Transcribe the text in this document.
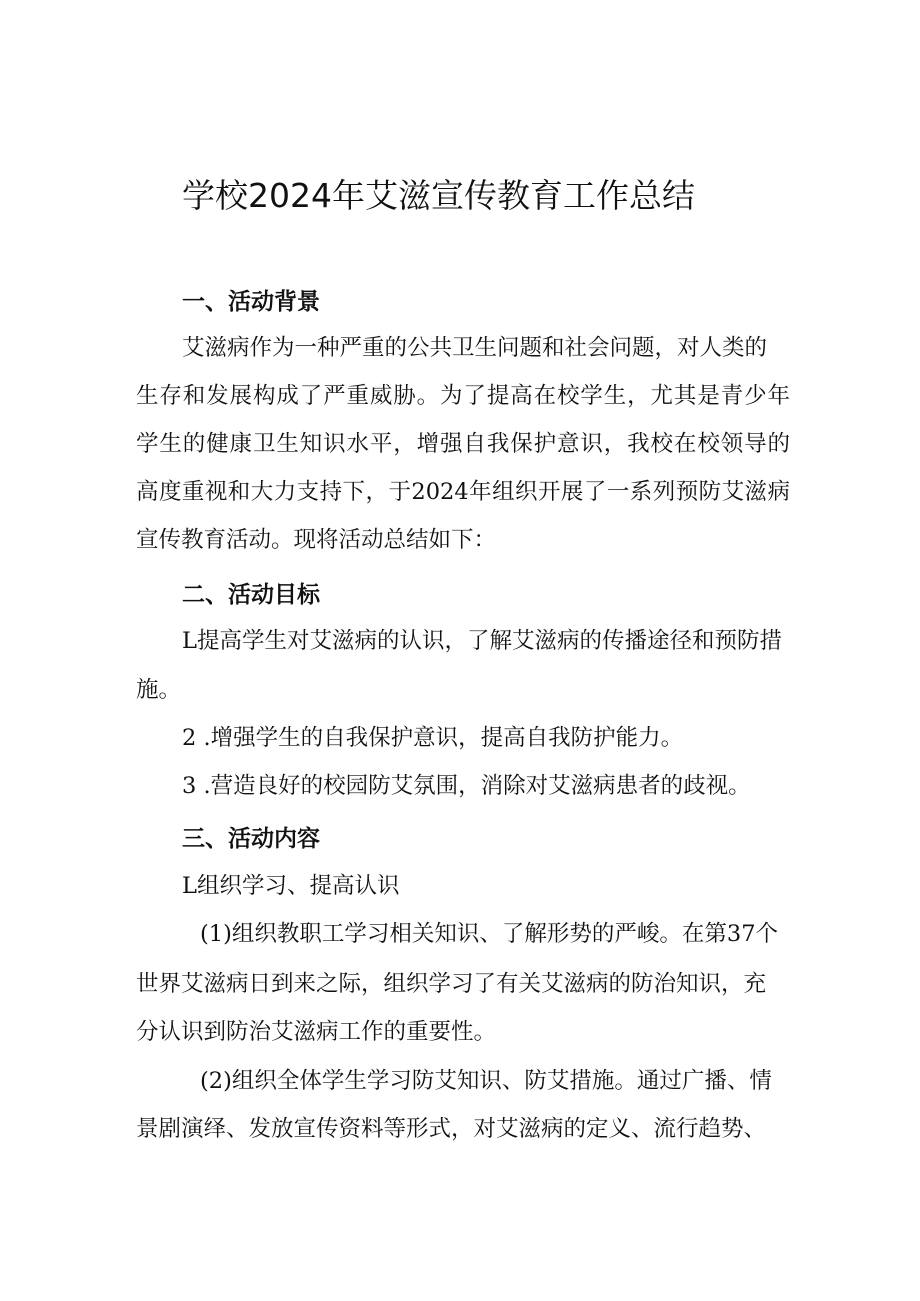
学校2024年艾滋宣传教育工作总结
一、活动背景

艾滋病作为一种严重的公共卫生问题和社会问题，对人类的

生存和发展构成了严重威胁。为了提高在校学生，尤其是青少年

学生的健康卫生知识水平，增强自我保护意识，我校在校领导的

高度重视和大力支持下，于2024年组织开展了一系列预防艾滋病

宣传教育活动。现将活动总结如下：

二、活动目标

L提高学生对艾滋病的认识，了解艾滋病的传播途径和预防措

施。

2 .增强学生的自我保护意识，提高自我防护能力。

3 .营造良好的校园防艾氛围，消除对艾滋病患者的歧视。

三、活动内容

L组织学习、提高认识

(1)组织教职工学习相关知识、了解形势的严峻。在第37个

世界艾滋病日到来之际，组织学习了有关艾滋病的防治知识，充

分认识到防治艾滋病工作的重要性。

(2)组织全体学生学习防艾知识、防艾措施。通过广播、情

景剧演绎、发放宣传资料等形式，对艾滋病的定义、流行趋势、
